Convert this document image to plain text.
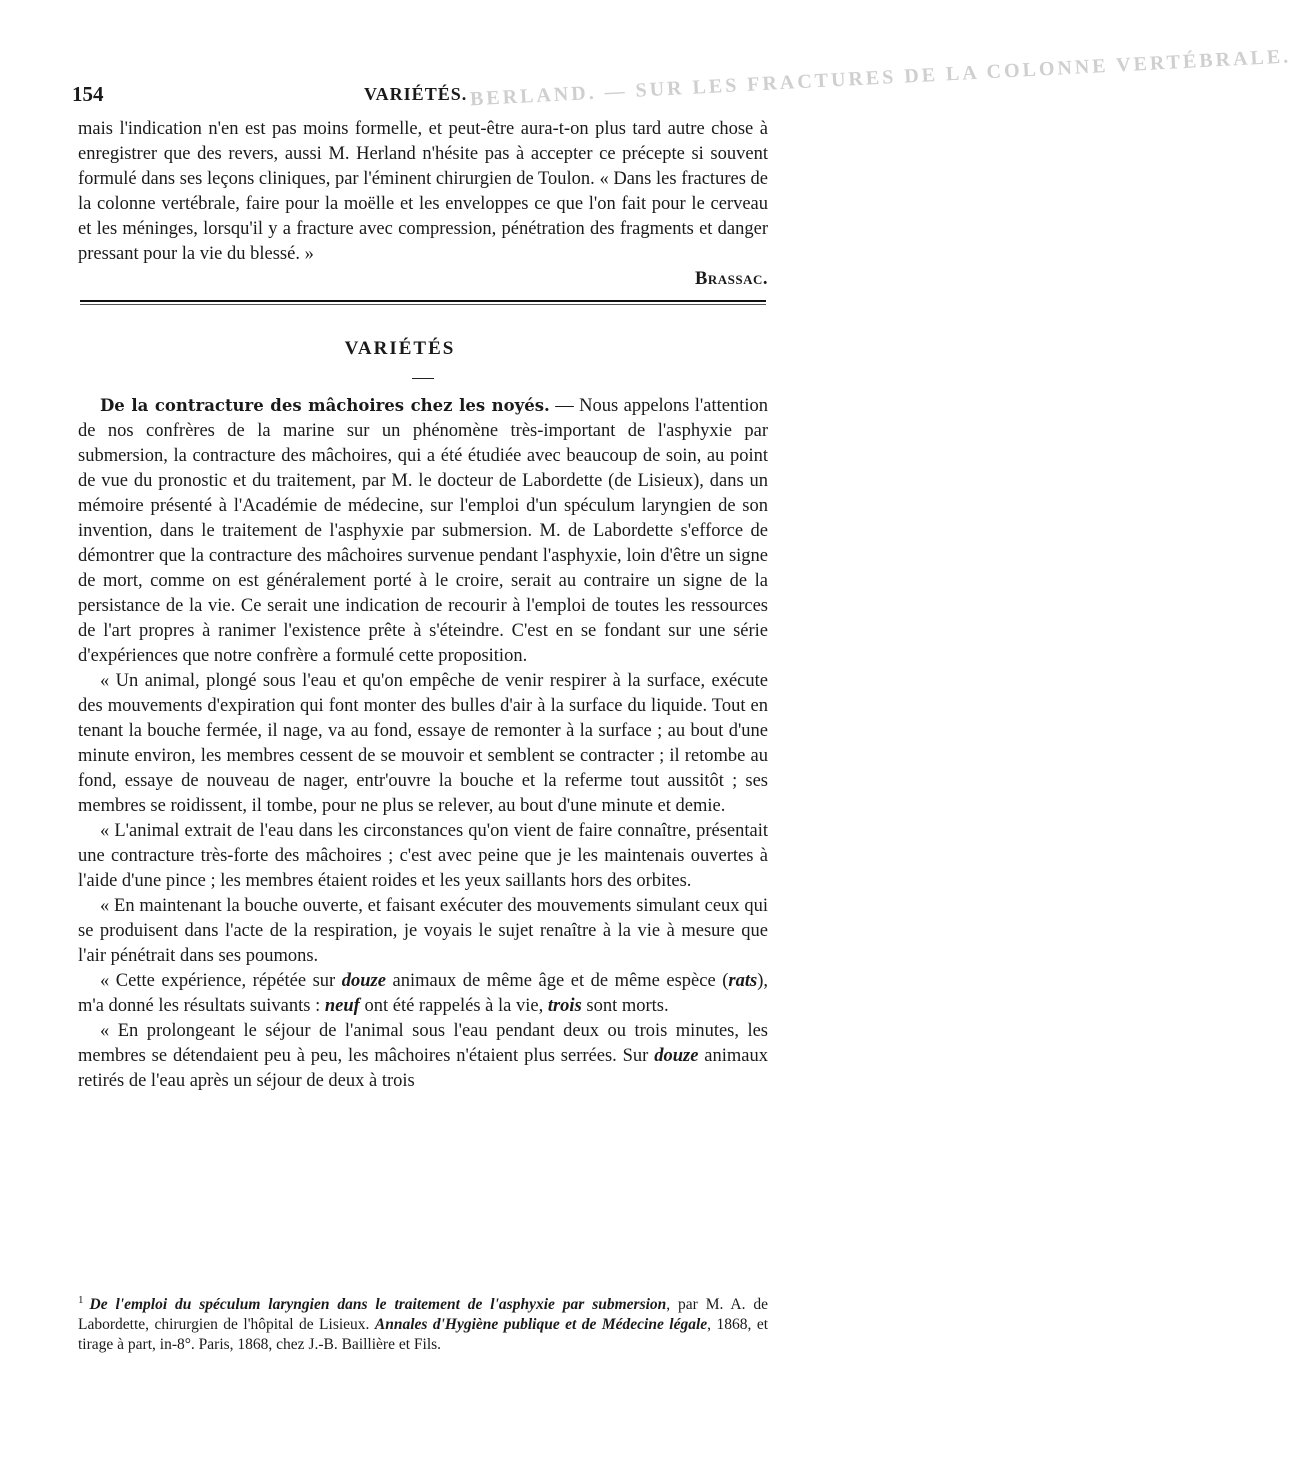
BERLAND. — SUR LES FRACTURES DE LA COLONNE VERTÉBRALE.
154	VARIÉTÉS.

mais l'indication n'en est pas moins formelle, et peut-être aura-t-on plus tard autre chose à enregistrer que des revers, aussi M. Herland n'hésite pas à accepter ce précepte si souvent formulé dans ses leçons cliniques, par l'éminent chirurgien de Toulon. « Dans les fractures de la colonne vertébrale, faire pour la moëlle et les enveloppes ce que l'on fait pour le cerveau et les méninges, lorsqu'il y a fracture avec compression, pénétration des fragments et danger pressant pour la vie du blessé. »

Brassac.

VARIÉTÉS

De la contracture des mâchoires chez les noyés. — Nous appelons l'attention de nos confrères de la marine sur un phénomène très-important de l'asphyxie par submersion, la contracture des mâchoires, qui a été étudiée avec beaucoup de soin, au point de vue du pronostic et du traitement, par M. le docteur de Labordette (de Lisieux), dans un mémoire présenté à l'Académie de médecine, sur l'emploi d'un spéculum laryngien de son invention, dans le traitement de l'asphyxie par submersion. M. de Labordette s'efforce de démontrer que la contracture des mâchoires survenue pendant l'asphyxie, loin d'être un signe de mort, comme on est généralement porté à le croire, serait au contraire un signe de la persistance de la vie. Ce serait une indication de recourir à l'emploi de toutes les ressources de l'art propres à ranimer l'existence prête à s'éteindre. C'est en se fondant sur une série d'expériences que notre confrère a formulé cette proposition.

« Un animal, plongé sous l'eau et qu'on empêche de venir respirer à la surface, exécute des mouvements d'expiration qui font monter des bulles d'air à la surface du liquide. Tout en tenant la bouche fermée, il nage, va au fond, essaye de remonter à la surface ; au bout d'une minute environ, les membres cessent de se mouvoir et semblent se contracter ; il retombe au fond, essaye de nouveau de nager, entr'ouvre la bouche et la referme tout aussitôt ; ses membres se roidissent, il tombe, pour ne plus se relever, au bout d'une minute et demie.

« L'animal extrait de l'eau dans les circonstances qu'on vient de faire connaître, présentait une contracture très-forte des mâchoires ; c'est avec peine que je les maintenais ouvertes à l'aide d'une pince ; les membres étaient roides et les yeux saillants hors des orbites.

« En maintenant la bouche ouverte, et faisant exécuter des mouvements simulant ceux qui se produisent dans l'acte de la respiration, je voyais le sujet renaître à la vie à mesure que l'air pénétrait dans ses poumons.

« Cette expérience, répétée sur douze animaux de même âge et de même espèce (rats), m'a donné les résultats suivants : neuf ont été rappelés à la vie, trois sont morts.

« En prolongeant le séjour de l'animal sous l'eau pendant deux ou trois minutes, les membres se détendaient peu à peu, les mâchoires n'étaient plus serrées. Sur douze animaux retirés de l'eau après un séjour de deux à trois

$^1$ De l'emploi du spéculum laryngien dans le traitement de l'asphyxie par submersion, par M. A. de Labordette, chirurgien de l'hôpital de Lisieux. Annales d'Hygiène publique et de Médecine légale, 1868, et tirage à part, in-8°. Paris, 1868, chez J.-B. Baillière et Fils.
